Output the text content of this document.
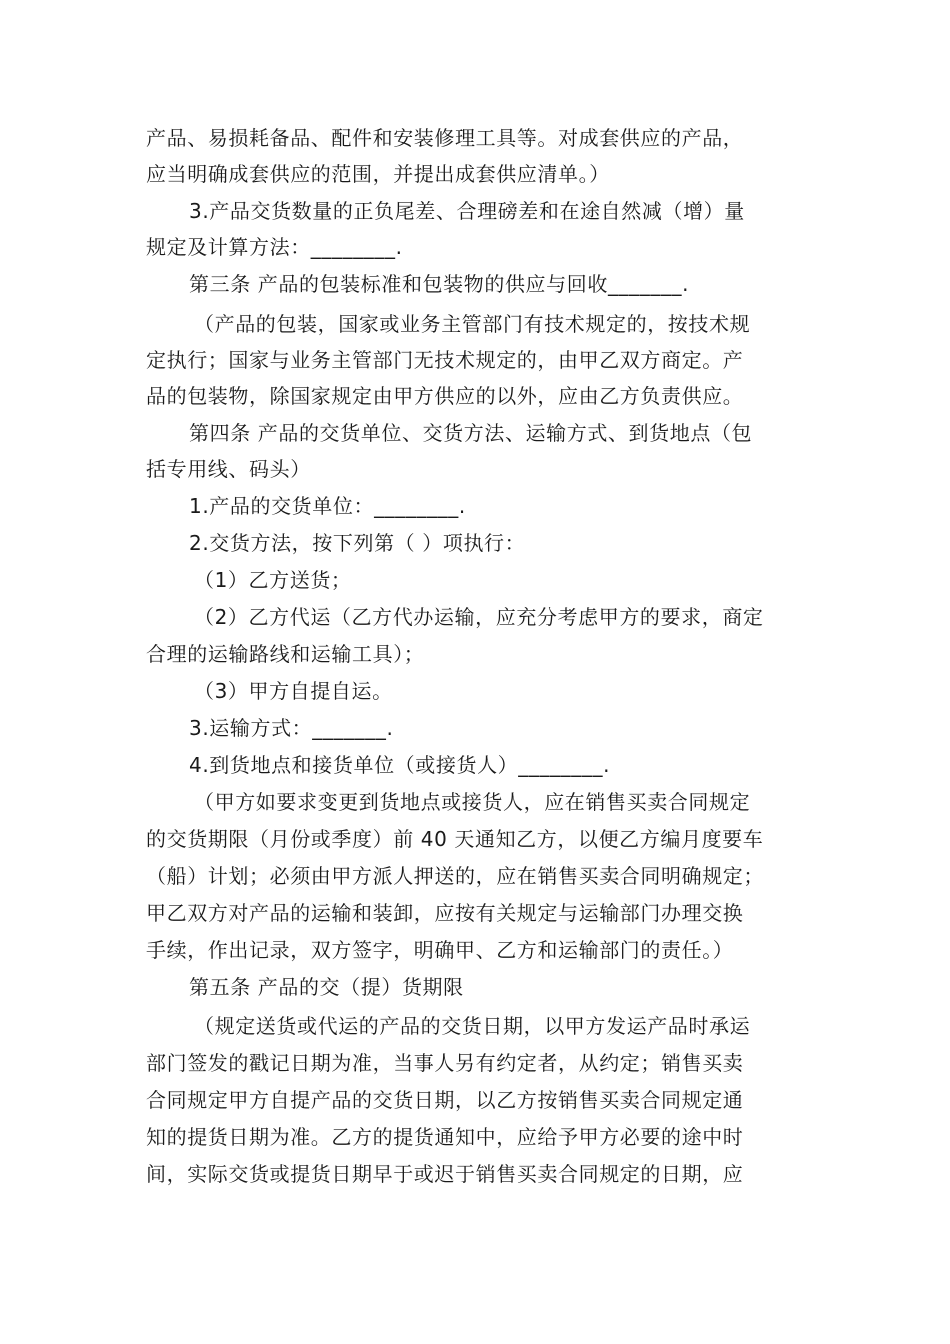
产品、易损耗备品、配件和安装修理工具等。对成套供应的产品，
应当明确成套供应的范围，并提出成套供应清单。）
3.产品交货数量的正负尾差、合理磅差和在途自然减（增）量
规定及计算方法：________.
第三条 产品的包装标准和包装物的供应与回收_______.
（产品的包装，国家或业务主管部门有技术规定的，按技术规
定执行；国家与业务主管部门无技术规定的，由甲乙双方商定。产
品的包装物，除国家规定由甲方供应的以外，应由乙方负责供应。
第四条 产品的交货单位、交货方法、运输方式、到货地点（包
括专用线、码头）
1.产品的交货单位：________.
2.交货方法，按下列第（ ）项执行：
（1）乙方送货；
（2）乙方代运（乙方代办运输，应充分考虑甲方的要求，商定
合理的运输路线和运输工具）；
（3）甲方自提自运。
3.运输方式：_______.
4.到货地点和接货单位（或接货人）________.
（甲方如要求变更到货地点或接货人，应在销售买卖合同规定
的交货期限（月份或季度）前 40 天通知乙方，以便乙方编月度要车
（船）计划；必须由甲方派人押送的，应在销售买卖合同明确规定；
甲乙双方对产品的运输和装卸，应按有关规定与运输部门办理交换
手续，作出记录，双方签字，明确甲、乙方和运输部门的责任。）
第五条 产品的交（提）货期限
（规定送货或代运的产品的交货日期，以甲方发运产品时承运
部门签发的戳记日期为准，当事人另有约定者，从约定；销售买卖
合同规定甲方自提产品的交货日期，以乙方按销售买卖合同规定通
知的提货日期为准。乙方的提货通知中，应给予甲方必要的途中时
间，实际交货或提货日期早于或迟于销售买卖合同规定的日期，应
